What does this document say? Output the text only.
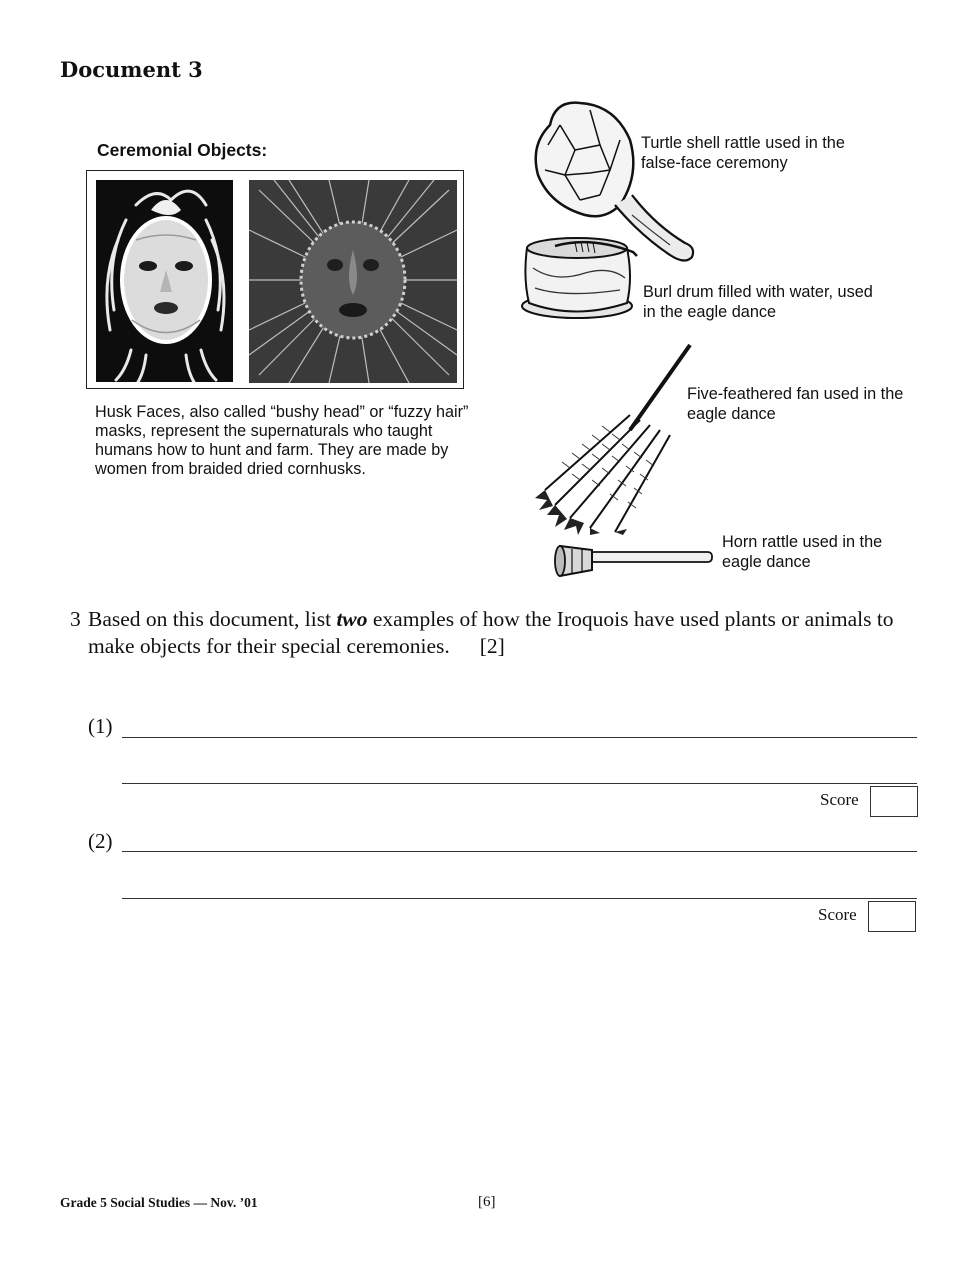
Document 3
Ceremonial Objects:
Husk Faces, also called “bushy head” or “fuzzy hair” masks, represent the supernaturals who taught humans how to hunt and farm. They are made by women from braided dried cornhusks.
Turtle shell rattle used in the false-face ceremony
Burl drum filled with water, used in the eagle dance
Five-feathered fan used in the eagle dance
Horn rattle used in the eagle dance
3 Based on this document, list two examples of how the Iroquois have used plants or animals to make objects for their special ceremonies. [2]
(1)
Score
(2)
Score
Grade 5 Social Studies — Nov. ’01	[6]
